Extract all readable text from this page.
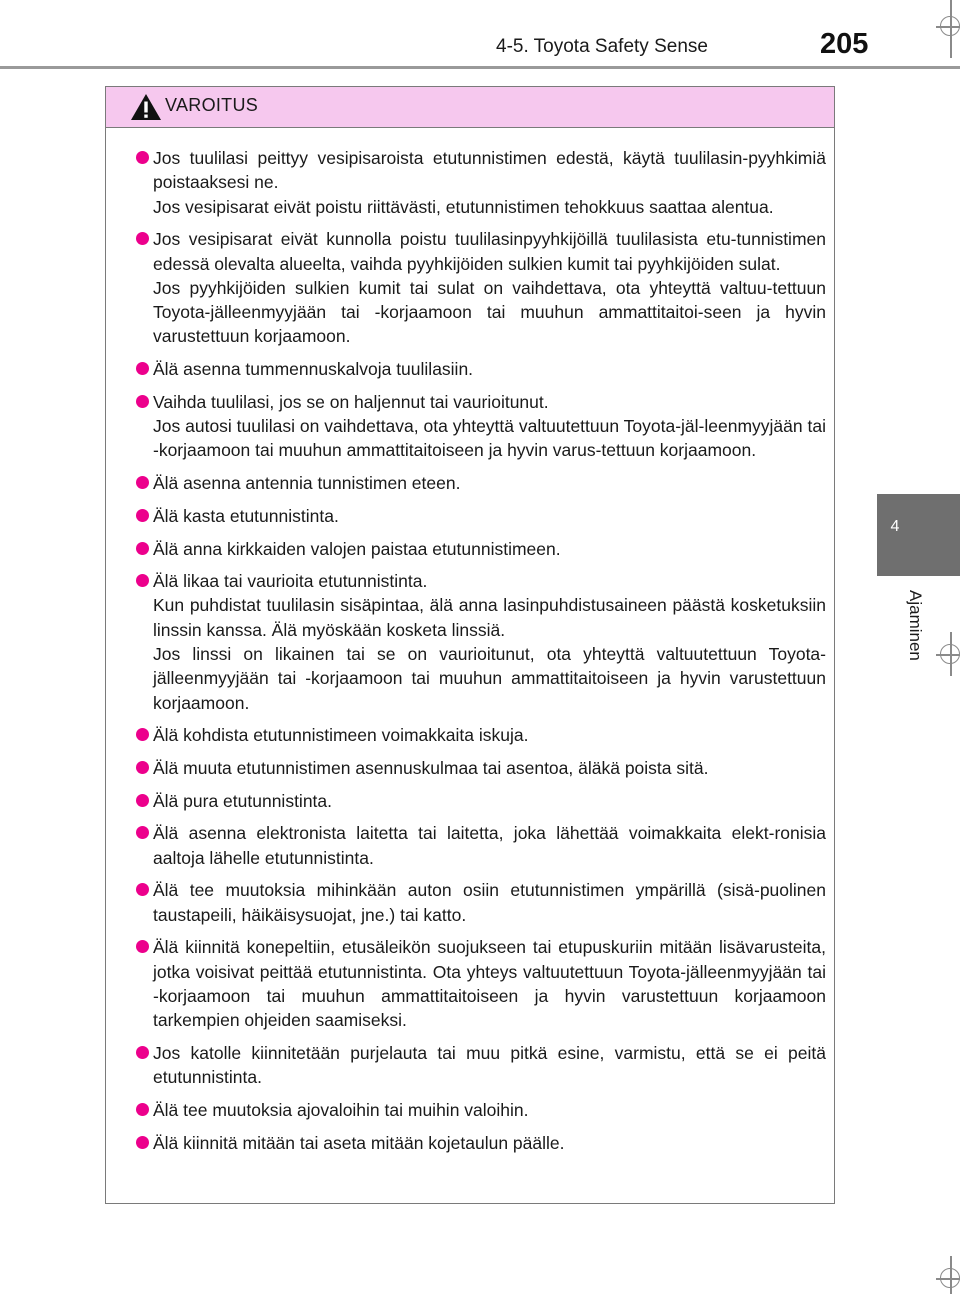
4-5. Toyota Safety Sense	205
4
Ajaminen
VAROITUS
Jos tuulilasi peittyy vesipisaroista etutunnistimen edestä, käytä tuulilasin-pyyhkimiä poistaaksesi ne.
Jos vesipisarat eivät poistu riittävästi, etutunnistimen tehokkuus saattaa alentua.
Jos vesipisarat eivät kunnolla poistu tuulilasinpyyhkijöillä tuulilasista etu-tunnistimen edessä olevalta alueelta, vaihda pyyhkijöiden sulkien kumit tai pyyhkijöiden sulat.
Jos pyyhkijöiden sulkien kumit tai sulat on vaihdettava, ota yhteyttä valtuu-tettuun Toyota-jälleenmyyjään tai -korjaamoon tai muuhun ammattitaitoi-seen ja hyvin varustettuun korjaamoon.
Älä asenna tummennuskalvoja tuulilasiin.
Vaihda tuulilasi, jos se on haljennut tai vaurioitunut.
Jos autosi tuulilasi on vaihdettava, ota yhteyttä valtuutettuun Toyota-jäl-leenmyyjään tai -korjaamoon tai muuhun ammattitaitoiseen ja hyvin varus-tettuun korjaamoon.
Älä asenna antennia tunnistimen eteen.
Älä kasta etutunnistinta.
Älä anna kirkkaiden valojen paistaa etutunnistimeen.
Älä likaa tai vaurioita etutunnistinta.
Kun puhdistat tuulilasin sisäpintaa, älä anna lasinpuhdistusaineen päästä kosketuksiin linssin kanssa. Älä myöskään kosketa linssiä.
Jos linssi on likainen tai se on vaurioitunut, ota yhteyttä valtuutettuun Toyota-jälleenmyyjään tai -korjaamoon tai muuhun ammattitaitoiseen ja hyvin varustettuun korjaamoon.
Älä kohdista etutunnistimeen voimakkaita iskuja.
Älä muuta etutunnistimen asennuskulmaa tai asentoa, äläkä poista sitä.
Älä pura etutunnistinta.
Älä asenna elektronista laitetta tai laitetta, joka lähettää voimakkaita elekt-ronisia aaltoja lähelle etutunnistinta.
Älä tee muutoksia mihinkään auton osiin etutunnistimen ympärillä (sisä-puolinen taustapeili, häikäisysuojat, jne.) tai katto.
Älä kiinnitä konepeltiin, etusäleikön suojukseen tai etupuskuriin mitään lisävarusteita, jotka voisivat peittää etutunnistinta. Ota yhteys valtuutettuun Toyota-jälleenmyyjään tai -korjaamoon tai muuhun ammattitaitoiseen ja hyvin varustettuun korjaamoon tarkempien ohjeiden saamiseksi.
Jos katolle kiinnitetään purjelauta tai muu pitkä esine, varmistu, että se ei peitä etutunnistinta.
Älä tee muutoksia ajovaloihin tai muihin valoihin.
Älä kiinnitä mitään tai aseta mitään kojetaulun päälle.
